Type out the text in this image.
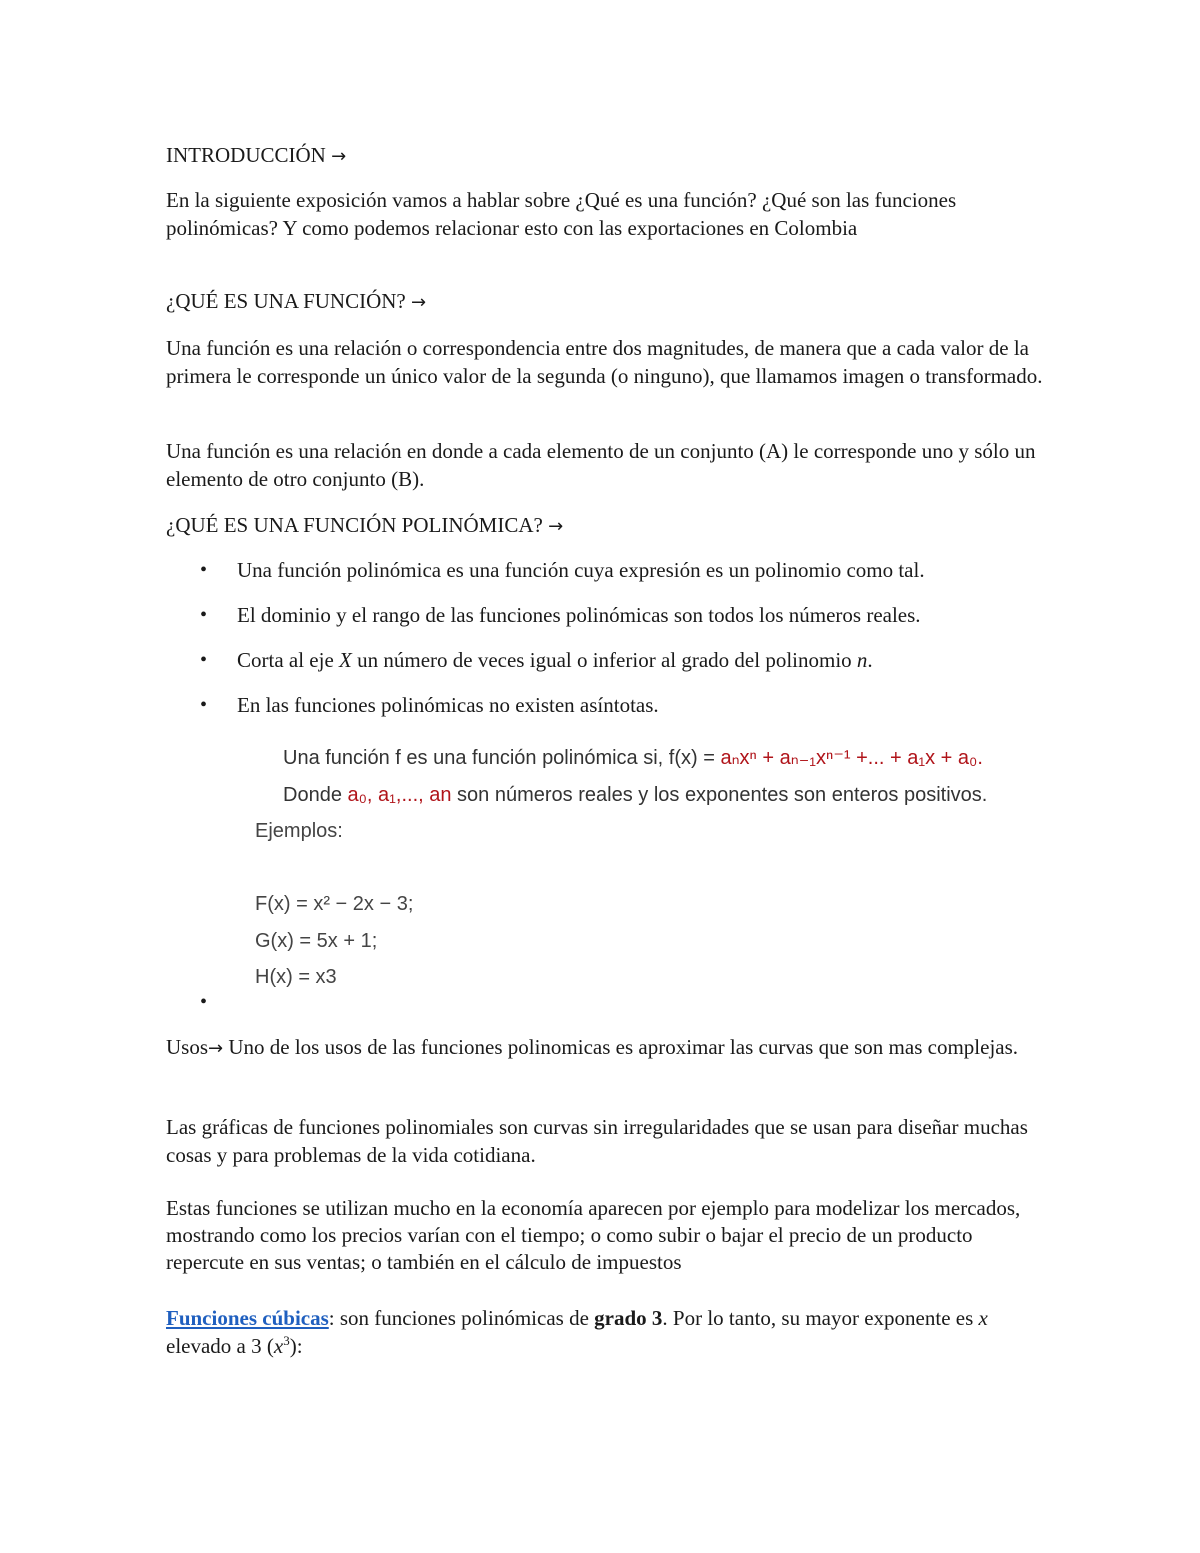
INTRODUCCIÓN →

En la siguiente exposición vamos a hablar sobre ¿Qué es una función? ¿Qué son las funciones polinómicas? Y como podemos relacionar esto con las exportaciones en Colombia

¿QUÉ ES UNA FUNCIÓN? →

Una función es una relación o correspondencia entre dos magnitudes, de manera que a cada valor de la primera le corresponde un único valor de la segunda (o ninguno), que llamamos imagen o transformado.

Una función es una relación en donde a cada elemento de un conjunto (A) le corresponde uno y sólo un elemento de otro conjunto (B).

¿QUÉ ES UNA FUNCIÓN POLINÓMICA? →

• Una función polinómica es una función cuya expresión es un polinomio como tal.
• El dominio y el rango de las funciones polinómicas son todos los números reales.
• Corta al eje X un número de veces igual o inferior al grado del polinomio n.
• En las funciones polinómicas no existen asíntotas.
Una función f es una función polinómica si, f(x) = aₙxⁿ + aₙ₋₁xⁿ⁻¹ +... + a₁x + a₀.
Donde a₀, a₁,..., an son números reales y los exponentes son enteros positivos.
Ejemplos:
F(x) = x² − 2x − 3;
G(x) = 5x + 1;
H(x) = x3
•

Usos→ Uno de los usos de las funciones polinomicas es aproximar las curvas que son mas complejas.

Las gráficas de funciones polinomiales son curvas sin irregularidades que se usan para diseñar muchas cosas y para problemas de la vida cotidiana.

Estas funciones se utilizan mucho en la economía aparecen por ejemplo para modelizar los mercados, mostrando como los precios varían con el tiempo; o como subir o bajar el precio de un producto repercute en sus ventas; o también en el cálculo de impuestos

Funciones cúbicas: son funciones polinómicas de grado 3. Por lo tanto, su mayor exponente es x elevado a 3 $(x^3)$:
